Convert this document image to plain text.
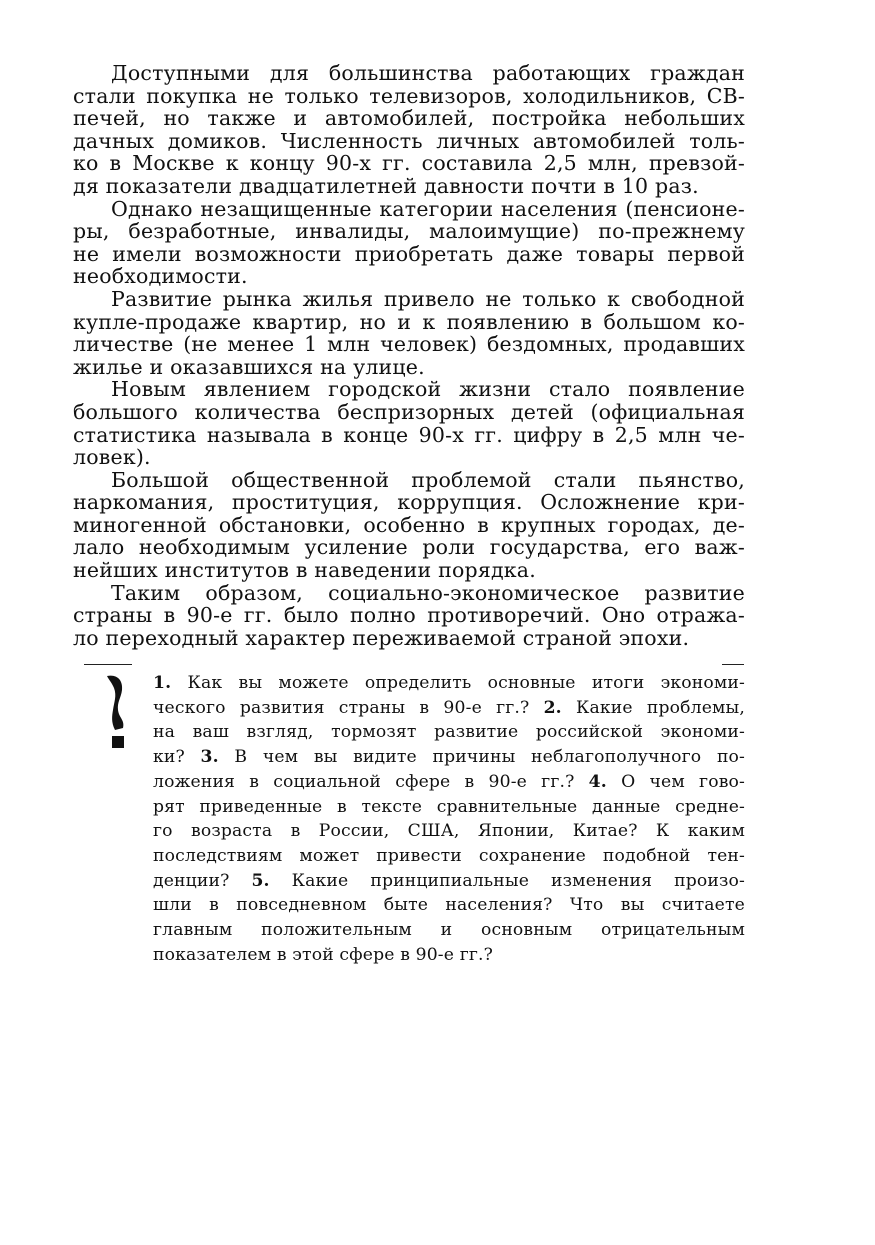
Доступными для большинства работающих граждан
стали покупка не только телевизоров, холодильников, СВ-
печей, но также и автомобилей, постройка небольших
дачных домиков. Численность личных автомобилей толь-
ко в Москве к концу 90-х гг. составила 2,5 млн, превзой-
дя показатели двадцатилетней давности почти в 10 раз.

Однако незащищенные категории населения (пенсионе-
ры, безработные, инвалиды, малоимущие) по-прежнему
не имели возможности приобретать даже товары первой
необходимости.

Развитие рынка жилья привело не только к свободной
купле-продаже квартир, но и к появлению в большом ко-
личестве (не менее 1 млн человек) бездомных, продавших
жилье и оказавшихся на улице.

Новым явлением городской жизни стало появление
большого количества беспризорных детей (официальная
статистика называла в конце 90-х гг. цифру в 2,5 млн че-
ловек).

Большой общественной проблемой стали пьянство,
наркомания, проституция, коррупция. Осложнение кри-
миногенной обстановки, особенно в крупных городах, де-
лало необходимым усиление роли государства, его важ-
нейших институтов в наведении порядка.

Таким образом, социально-экономическое развитие
страны в 90-е гг. было полно противоречий. Оно отража-
ло переходный характер переживаемой страной эпохи.

1. Как вы можете определить основные итоги экономи-
ческого развития страны в 90-е гг.? 2. Какие проблемы,
на ваш взгляд, тормозят развитие российской экономи-
ки? 3. В чем вы видите причины неблагополучного по-
ложения в социальной сфере в 90-е гг.? 4. О чем гово-
рят приведенные в тексте сравнительные данные средне-
го возраста в России, США, Японии, Китае? К каким
последствиям может привести сохранение подобной тен-
денции? 5. Какие принципиальные изменения произо-
шли в повседневном быте населения? Что вы считаете
главным положительным и основным отрицательным
показателем в этой сфере в 90-е гг.?
